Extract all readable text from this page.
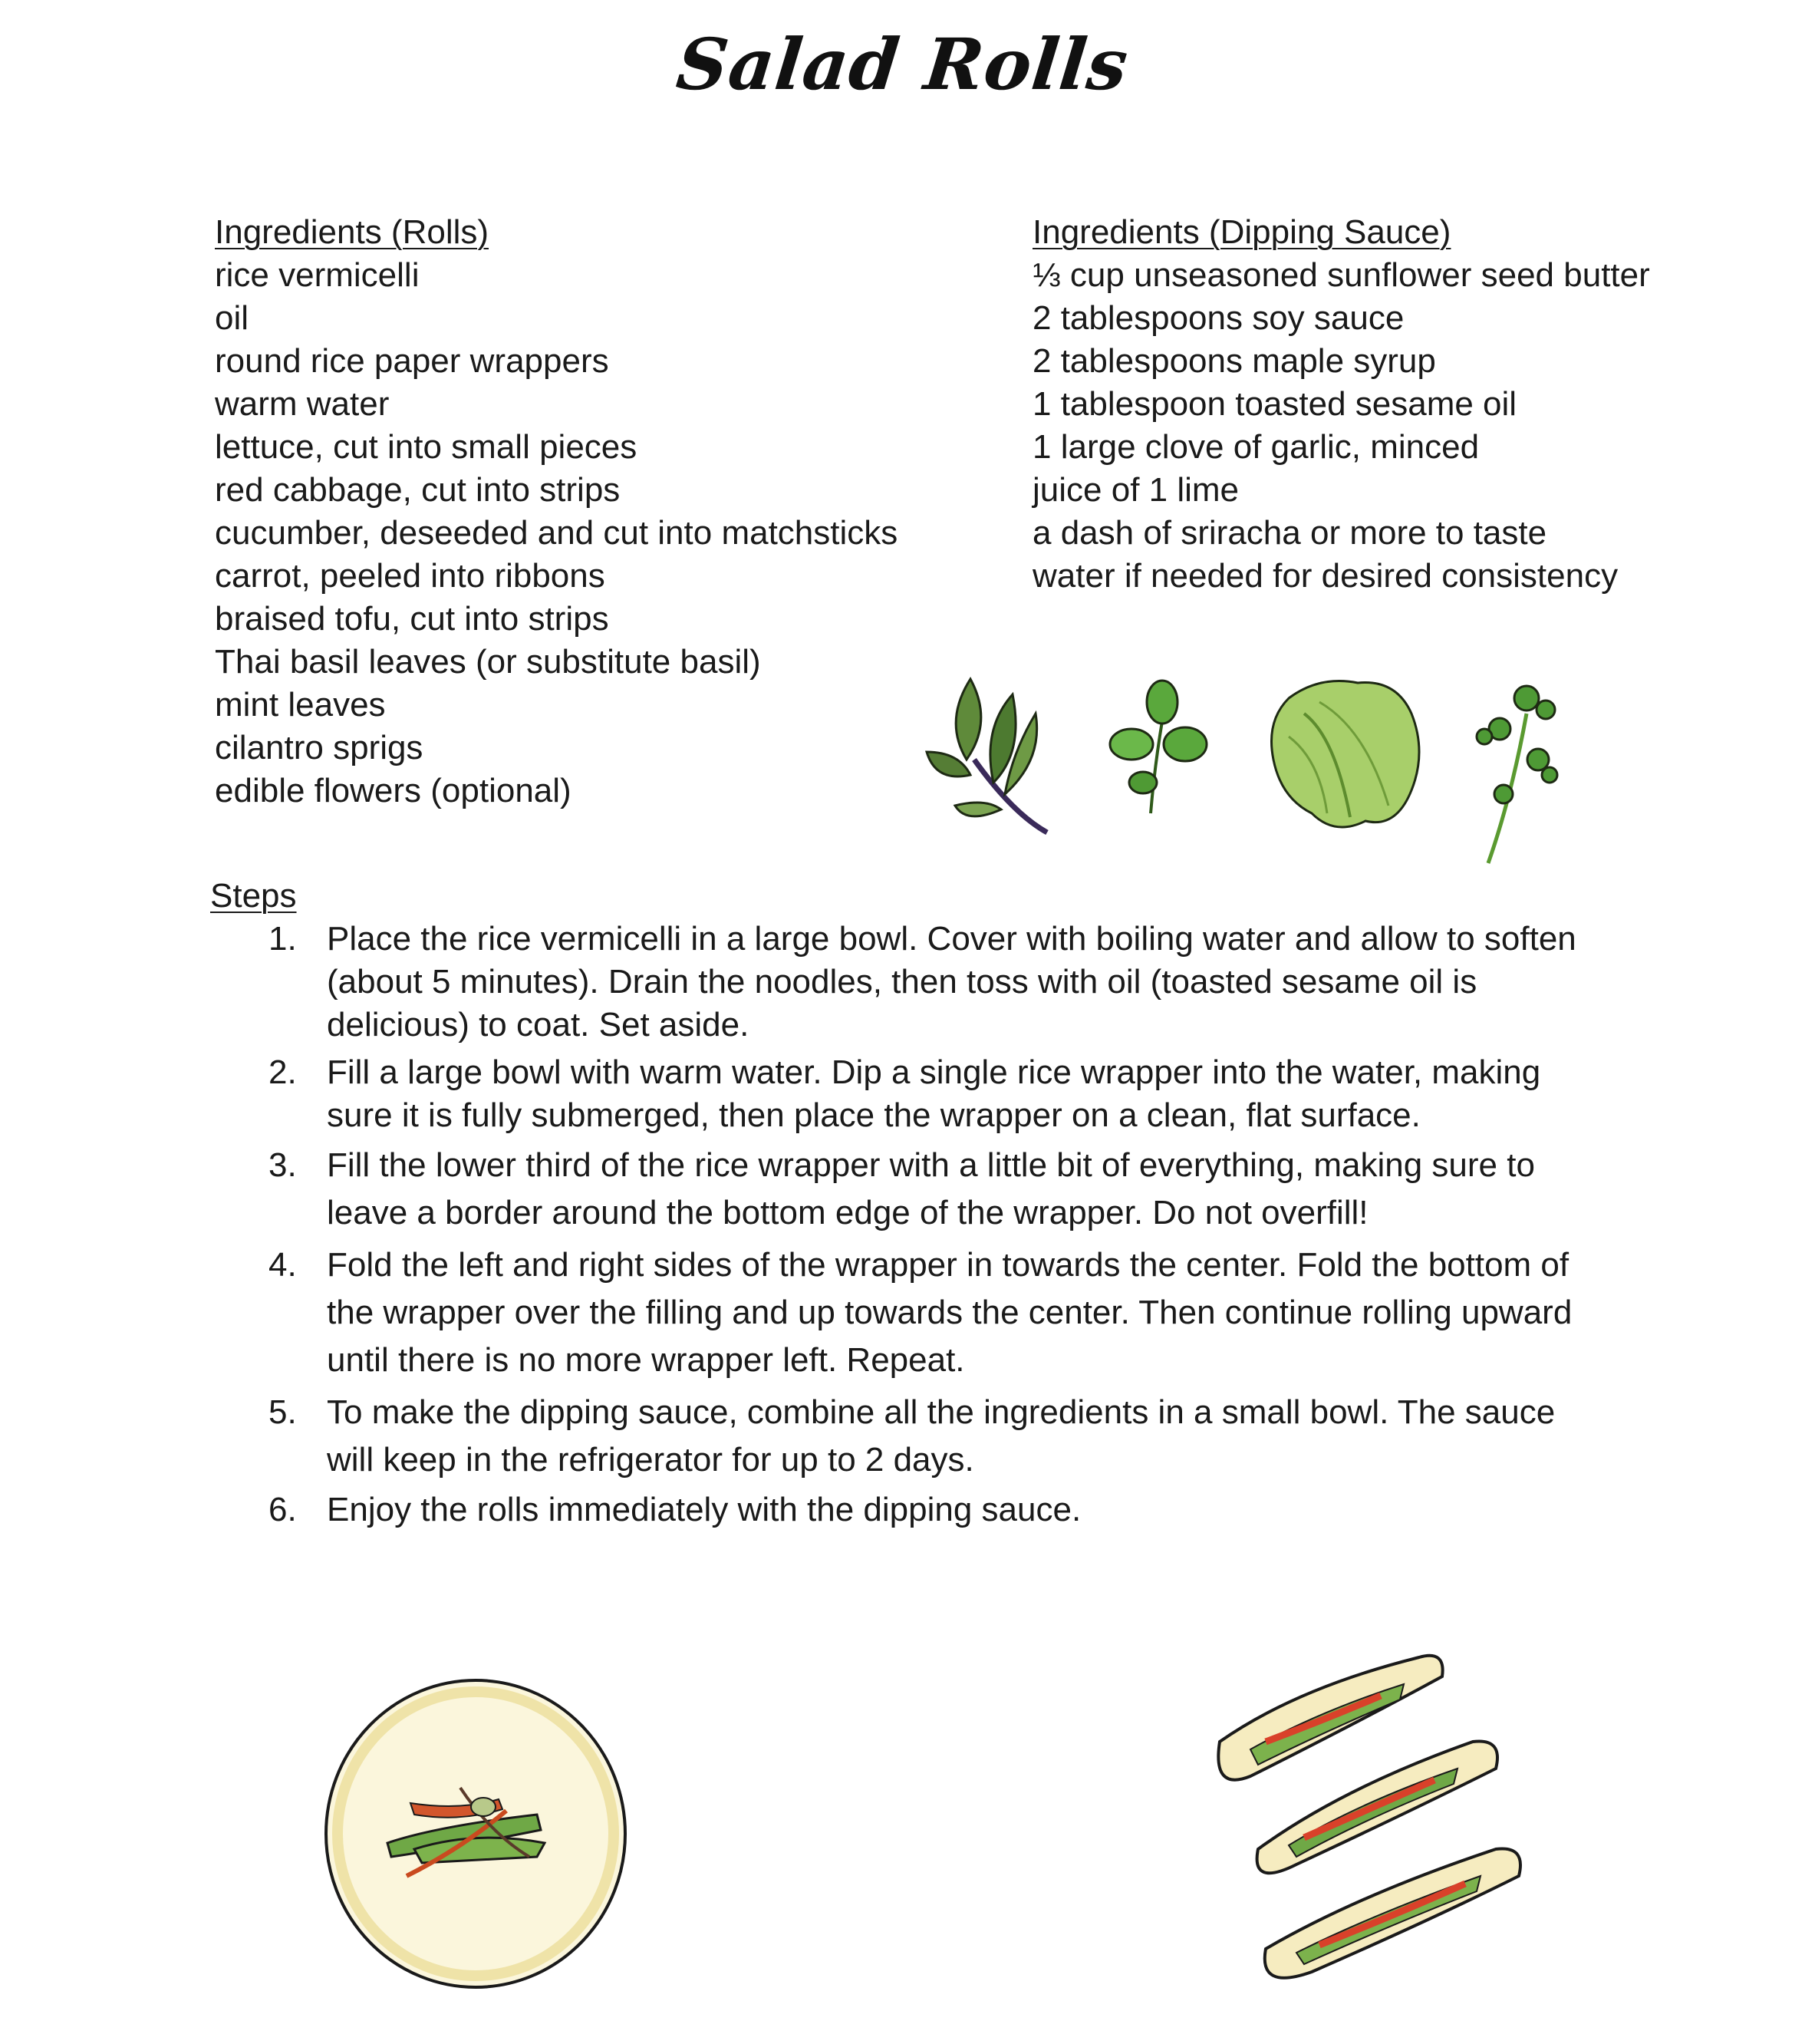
Salad Rolls
Ingredients (Rolls)
rice vermicelli
oil
round rice paper wrappers
warm water
lettuce, cut into small pieces
red cabbage, cut into strips
cucumber, deseeded and cut into matchsticks
carrot, peeled into ribbons
braised tofu, cut into strips
Thai basil leaves (or substitute basil)
mint leaves
cilantro sprigs
edible flowers (optional)
Ingredients (Dipping Sauce)
⅓ cup unseasoned sunflower seed butter
2 tablespoons soy sauce
2 tablespoons maple syrup
1 tablespoon toasted sesame oil
1 large clove of garlic, minced
juice of 1 lime
a dash of sriracha or more to taste
water if needed for desired consistency
Steps
1. Place the rice vermicelli in a large bowl. Cover with boiling water and allow to soften (about 5 minutes). Drain the noodles, then toss with oil (toasted sesame oil is delicious) to coat. Set aside.
2. Fill a large bowl with warm water. Dip a single rice wrapper into the water, making sure it is fully submerged, then place the wrapper on a clean, flat surface.
3. Fill the lower third of the rice wrapper with a little bit of everything, making sure to leave a border around the bottom edge of the wrapper. Do not overfill!
4. Fold the left and right sides of the wrapper in towards the center. Fold the bottom of the wrapper over the filling and up towards the center. Then continue rolling upward until there is no more wrapper left. Repeat.
5. To make the dipping sauce, combine all the ingredients in a small bowl. The sauce will keep in the refrigerator for up to 2 days.
6. Enjoy the rolls immediately with the dipping sauce.
